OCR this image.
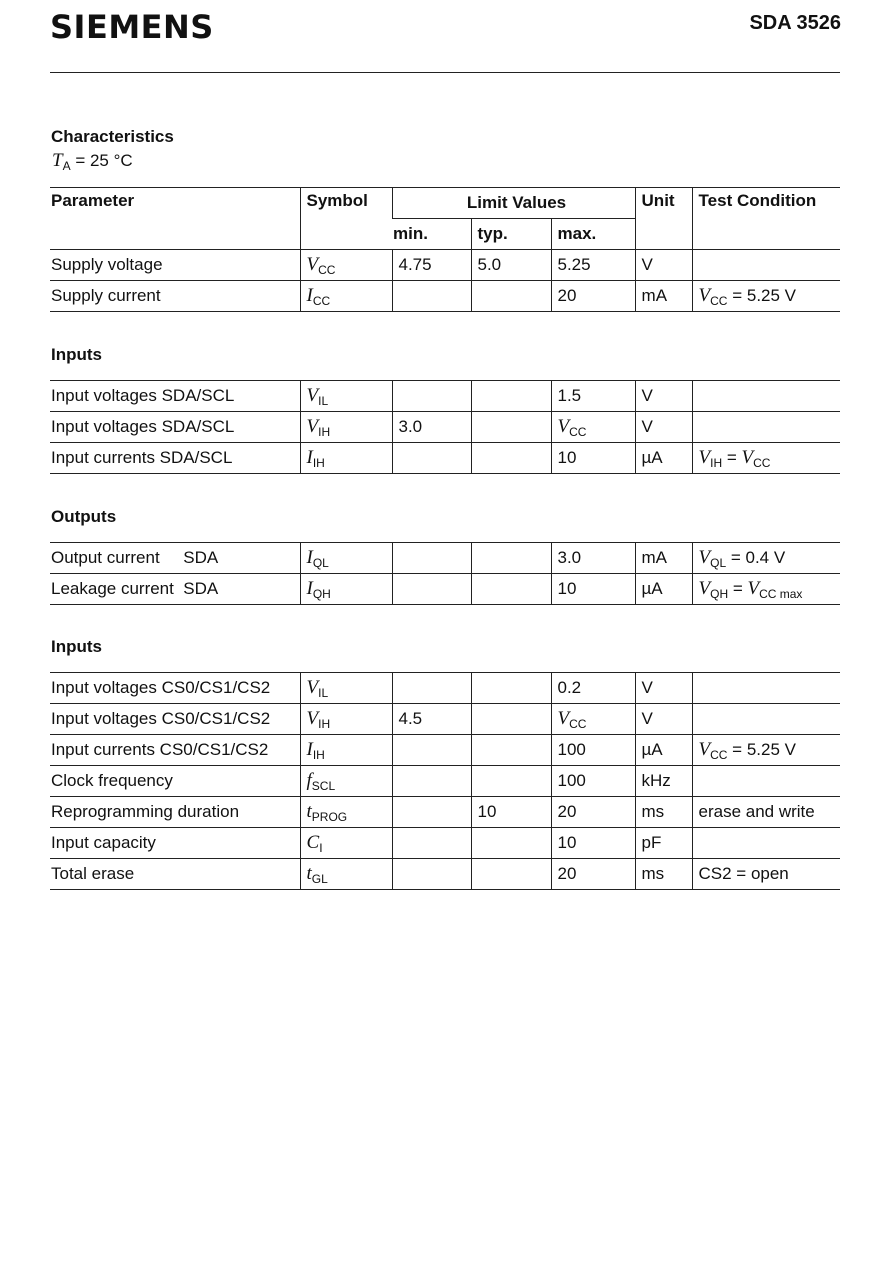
SIEMENS	SDA 3526
Characteristics
$T_A = 25$ °C
Parameter	Symbol	Limit Values			Unit	Test Condition
		min.	typ.	max.		
Supply voltage	$V_{CC}$	4.75	5.0	5.25	V	
Supply current	$I_{CC}$			20	mA	$V_{CC} = 5.25$ V
Inputs
Input voltages SDA/SCL	$V_{IL}$			1.5	V	
Input voltages SDA/SCL	$V_{IH}$	3.0		$V_{CC}$	V	
Input currents SDA/SCL	$I_{IH}$			10	µA	$V_{IH} = V_{CC}$
Outputs
Output current     SDA	$I_{QL}$			3.0	mA	$V_{QL} = 0.4$ V
Leakage current  SDA	$I_{QH}$			10	µA	$V_{QH} = V_{CC max}$
Inputs
Input voltages CS0/CS1/CS2	$V_{IL}$			0.2	V	
Input voltages CS0/CS1/CS2	$V_{IH}$	4.5		$V_{CC}$	V	
Input currents CS0/CS1/CS2	$I_{IH}$			100	µA	$V_{CC} = 5.25$ V
Clock frequency	$f_{SCL}$			100	kHz	
Reprogramming duration	$t_{PROG}$		10	20	ms	erase and write
Input capacity	$C_I$			10	pF	
Total erase	$t_{GL}$			20	ms	CS2 = open
